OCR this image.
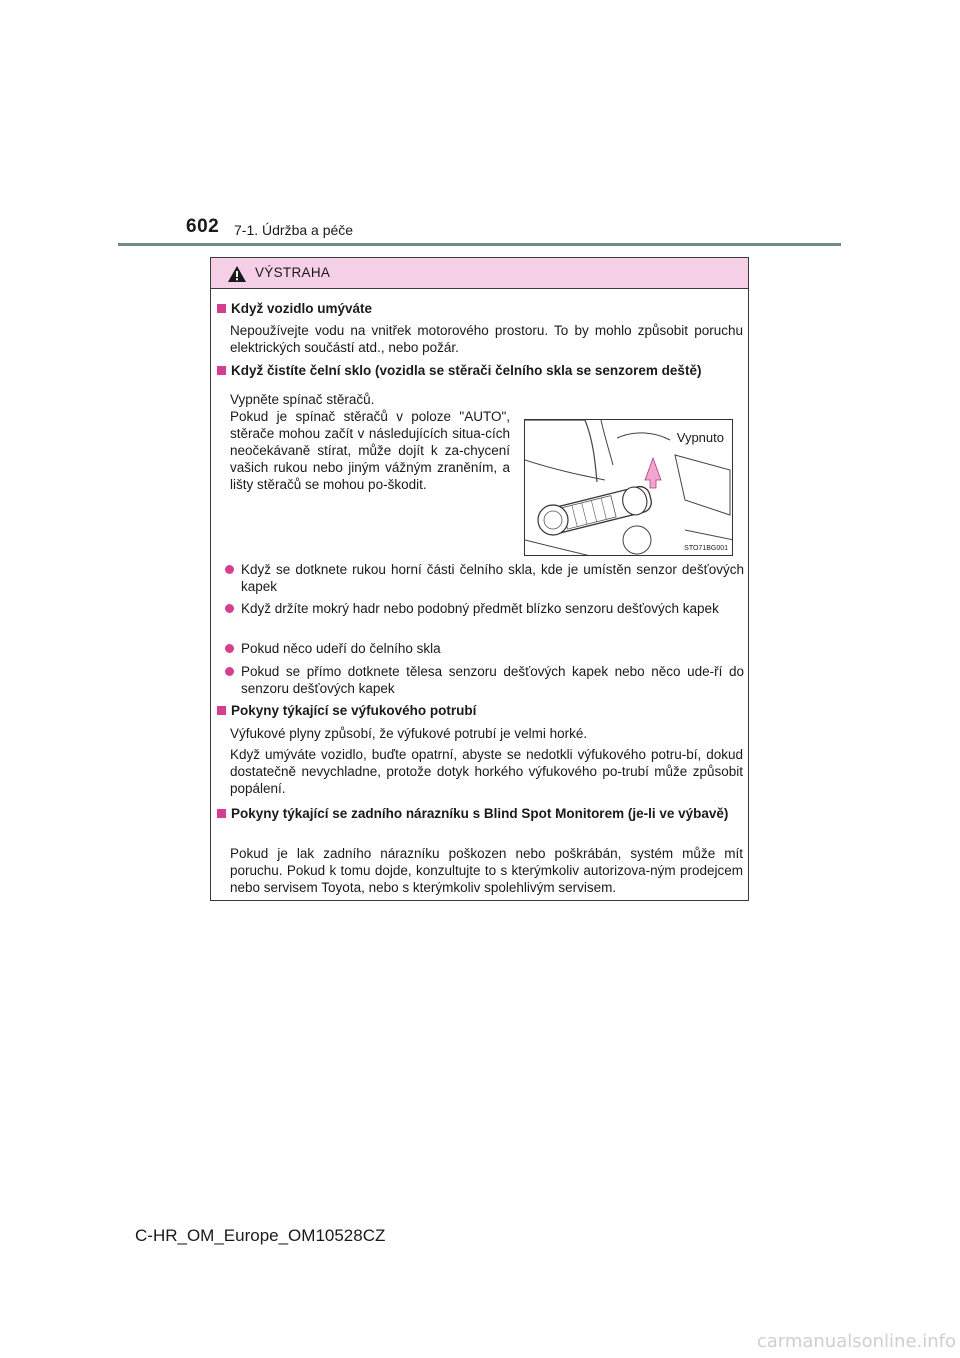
602 7-1. Údržba a péče
VÝSTRAHA
Když vozidlo umýváte
Nepoužívejte vodu na vnitřek motorového prostoru. To by mohlo způsobit poruchu elektrických součástí atd., nebo požár.
Když čistíte čelní sklo (vozidla se stěrači čelního skla se senzorem deště)
Vypněte spínač stěračů.
Pokud je spínač stěračů v poloze "AUTO", stěrače mohou začít v následujících situa-cích neočekávaně stírat, může dojít k za-chycení vašich rukou nebo jiným vážným zraněním, a lišty stěračů se mohou po-škodit.
Vypnuto
STO71BG001
Když se dotknete rukou horní části čelního skla, kde je umístěn senzor dešťových kapek
Když držíte mokrý hadr nebo podobný předmět blízko senzoru dešťových kapek
Pokud něco udeří do čelního skla
Pokud se přímo dotknete tělesa senzoru dešťových kapek nebo něco ude-ří do senzoru dešťových kapek
Pokyny týkající se výfukového potrubí
Výfukové plyny způsobí, že výfukové potrubí je velmi horké.
Když umýváte vozidlo, buďte opatrní, abyste se nedotkli výfukového potru-bí, dokud dostatečně nevychladne, protože dotyk horkého výfukového po-trubí může způsobit popálení.
Pokyny týkající se zadního nárazníku s Blind Spot Monitorem (je-li ve výbavě)
Pokud je lak zadního nárazníku poškozen nebo poškrábán, systém může mít poruchu. Pokud k tomu dojde, konzultujte to s kterýmkoliv autorizova-ným prodejcem nebo servisem Toyota, nebo s kterýmkoliv spolehlivým servisem.
C-HR_OM_Europe_OM10528CZ
carmanualsonline.info
